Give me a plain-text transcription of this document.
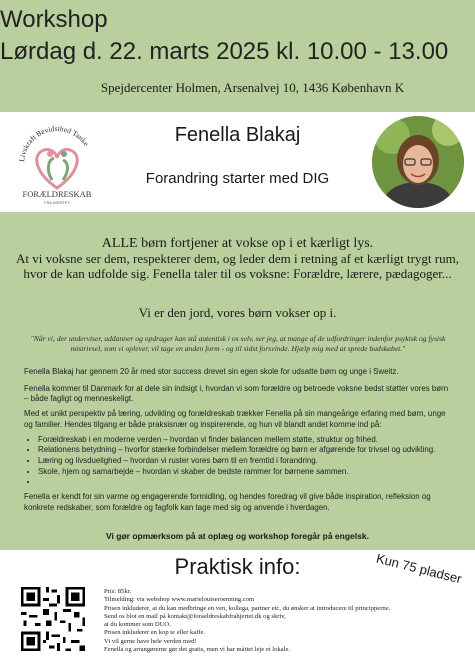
Workshop
Lørdag d. 22. marts 2025 kl. 10.00 - 13.00
Spejdercenter Holmen, Arsenalvej 10, 1436 København K
Livskraft Bevidsthed Tanke
FORÆLDRESKAB
FRA HJERTET
Fenella Blakaj
Forandring starter med DIG
ALLE børn fortjener at vokse op i et kærligt lys.
At vi voksne ser dem, respekterer dem, og leder dem i retning af et kærligt trygt rum, hvor de kan udfolde sig. Fenella taler til os voksne: Forældre, lærere, pædagoger...
Vi er den jord, vores børn vokser op i.
"Når vi, der underviser, uddanner og opdrager kan stå autentisk i os selv, ser jeg, at mange af de udfordringer indenfor psykisk og fysisk mistrivsel, som vi oplever, vil tage en anden form - og til sidst forsvinde. Hjælp mig med at sprede budskabet."

Fenella Blakaj har gennem 20 år med stor success drevet sin egen skole for udsatte børn og unge i Sweitz.

Fenella kommer til Danmark for at dele sin indsigt i, hvordan vi som forældre og betroede voksne bedst støtter vores børn – både fagligt og menneskeligt.

Med et unikt perspektiv på læring, udvikling og forældreskab trækker Fenella på sin mangeårige erfaring med børn, unge og familier. Hendes tilgang er både praksisnær og inspirerende, og hun vil blandt andet komme ind på:

• Forældreskab i en moderne verden – hvordan vi finder balancen mellem støtte, struktur og frihed.
• Relationens betydning – hvorfor stærke forbindelser mellem forældre og børn er afgørende for trivsel og udvikling.
• Læring og livsduelighed – hvordan vi ruster vores børn til en fremtid i forandring.
• Skole, hjem og samarbejde – hvordan vi skaber de bedste rammer for børnene sammen.
•

Fenella er kendt for sin varme og engagerende formidling, og hendes foredrag vil give både inspiration, refleksion og konkrete redskaber, som forældre og fagfolk kan tage med sig og anvende i hverdagen.

Vi gør opmærksom på at oplæg og workshop foregår på engelsk.
Praktisk info:	Kun 75 pladser
Pris: 85kr.
Tilmelding: via webshop www.marielouiseroenning.com
Prisen inkluderer, at du kan medbringe en ven, kollega, partner etc, du ønsker at introducere til principperne. Send os blot en mail på kontakt@foraeldreskabfrahjertet.dk og skriv,
at du kommer som DUO.
Prisen inkluderer en kop te eller kaffe.
Vi vil gerne have hele verden med!
Fenella og arrangørerne gør det gratis, men vi har måttet leje et lokale.
